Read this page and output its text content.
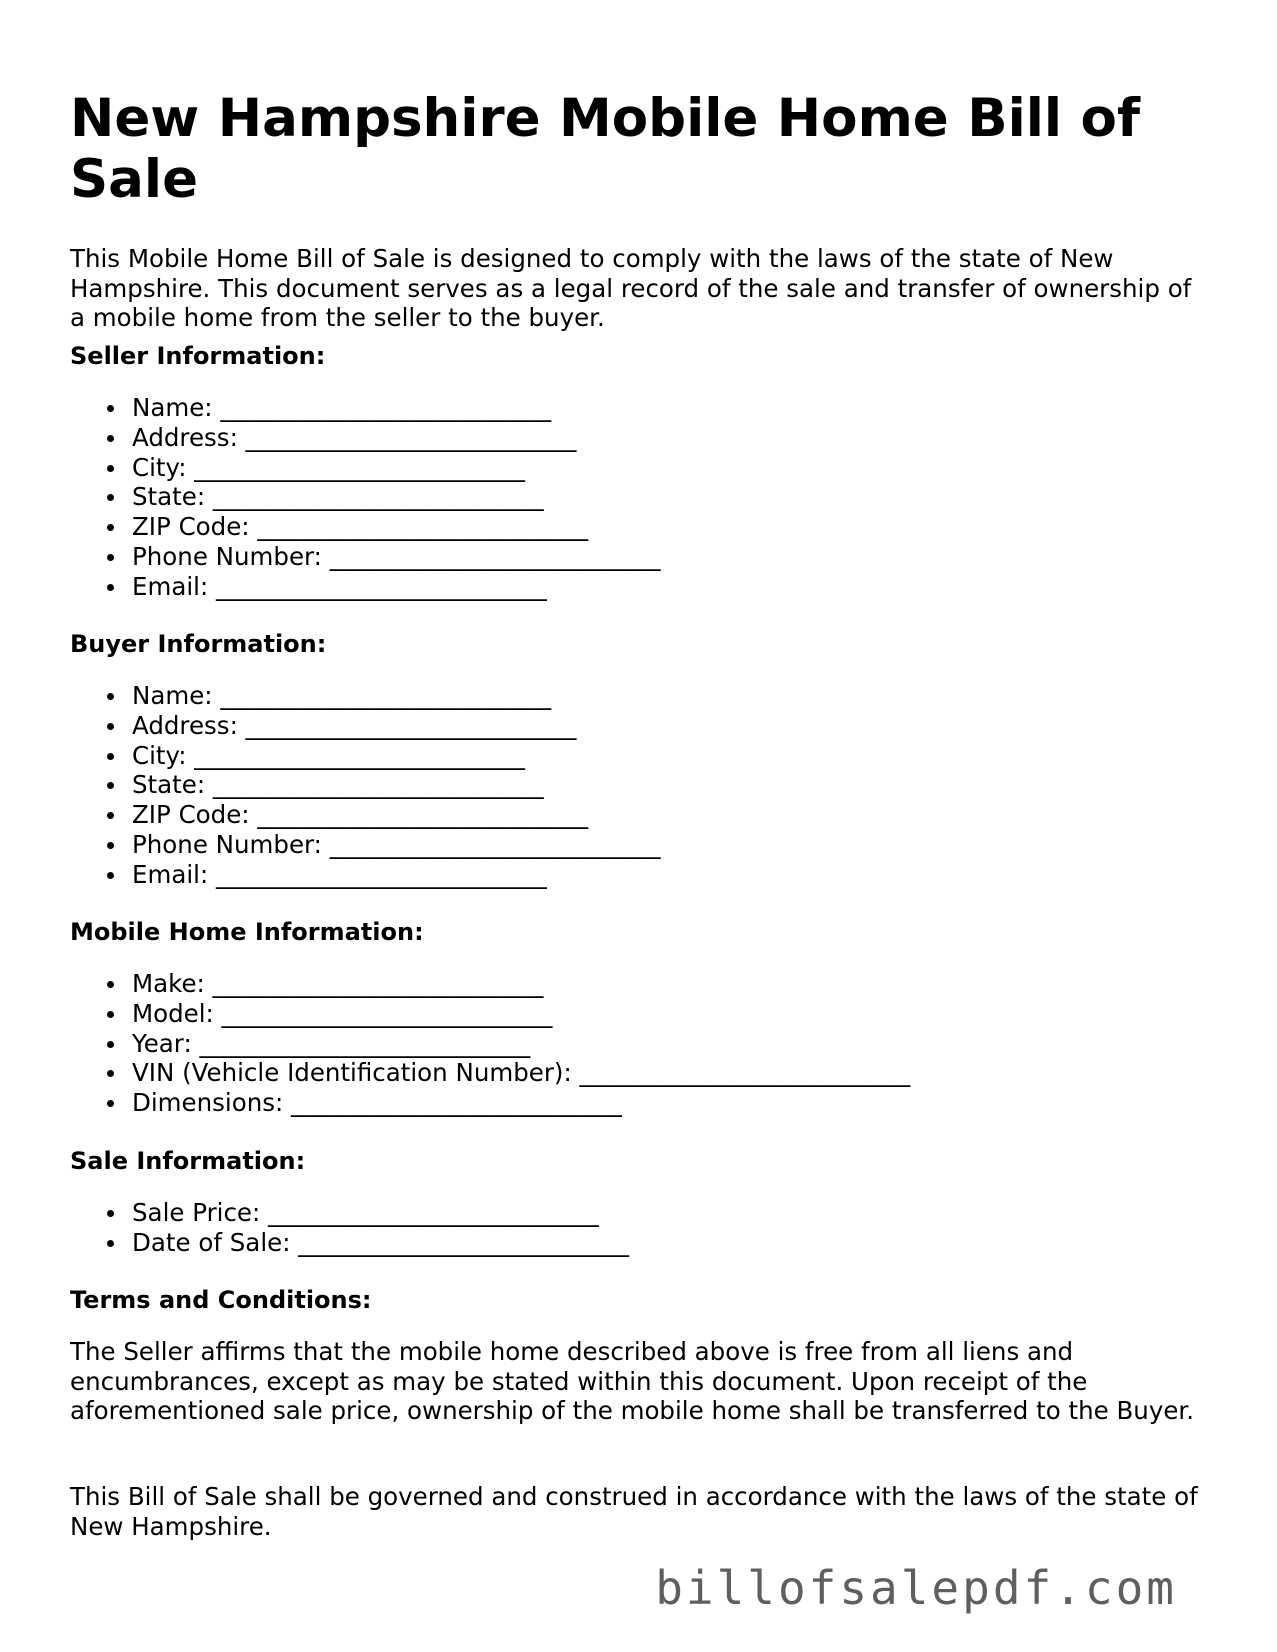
New Hampshire Mobile Home Bill of Sale

This Mobile Home Bill of Sale is designed to comply with the laws of the state of New Hampshire. This document serves as a legal record of the sale and transfer of ownership of a mobile home from the seller to the buyer.

Seller Information:
Name: ___________________________
Address: ___________________________
City: ___________________________
State: ___________________________
ZIP Code: ___________________________
Phone Number: ___________________________
Email: ___________________________
Buyer Information:
Name: ___________________________
Address: ___________________________
City: ___________________________
State: ___________________________
ZIP Code: ___________________________
Phone Number: ___________________________
Email: ___________________________
Mobile Home Information:
Make: ___________________________
Model: ___________________________
Year: ___________________________
VIN (Vehicle Identification Number): ___________________________
Dimensions: ___________________________
Sale Information:
Sale Price: ___________________________
Date of Sale: ___________________________
Terms and Conditions:

The Seller affirms that the mobile home described above is free from all liens and encumbrances, except as may be stated within this document. Upon receipt of the aforementioned sale price, ownership of the mobile home shall be transferred to the Buyer.

This Bill of Sale shall be governed and construed in accordance with the laws of the state of New Hampshire.

billofsalepdf.com
